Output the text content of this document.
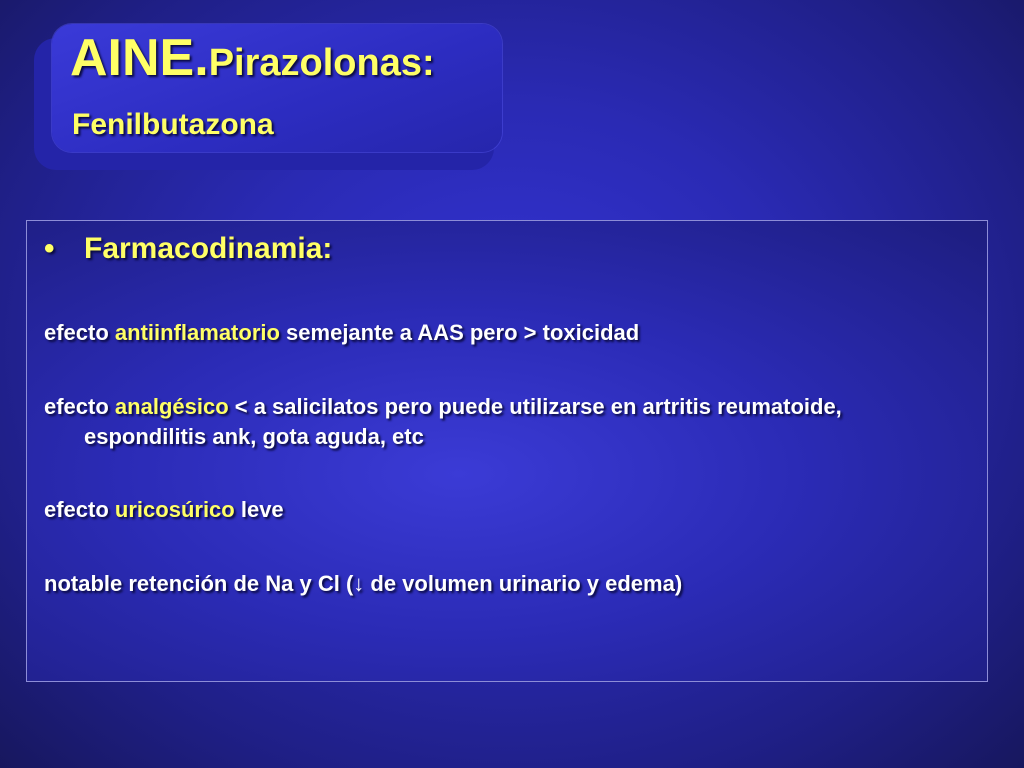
AINE.Pirazolonas:
Fenilbutazona
• Farmacodinamia:
efecto antiinflamatorio semejante a AAS pero > toxicidad
efecto analgésico < a salicilatos pero puede utilizarse en artritis reumatoide,
espondilitis ank, gota aguda, etc
efecto uricosúrico leve
notable retención de Na y Cl (↓ de volumen urinario y edema)
